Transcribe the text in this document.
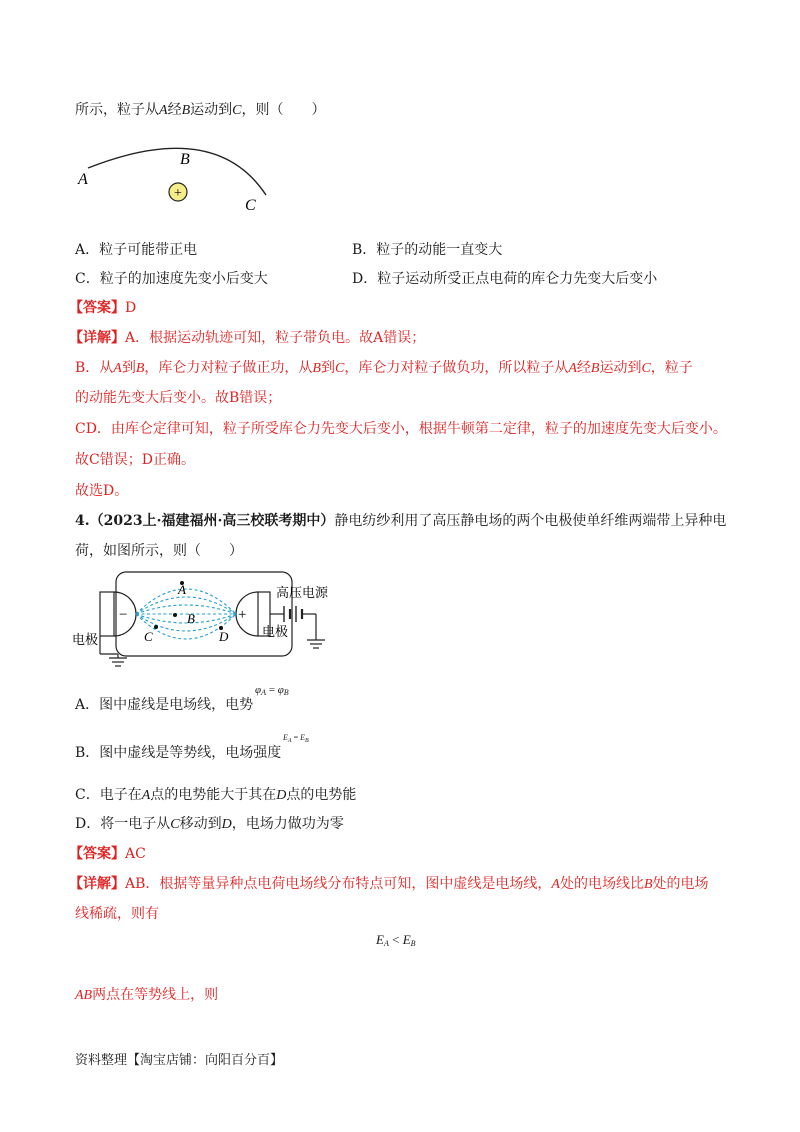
所示，粒子从A经B运动到C，则（　　）
A
B
C
+
A．粒子可能带正电	B．粒子的动能一直变大
C．粒子的加速度先变小后变大	D．粒子运动所受正点电荷的库仑力先变大后变小
【答案】D
【详解】A．根据运动轨迹可知，粒子带负电。故A错误；
B．从A到B，库仑力对粒子做正功，从B到C，库仑力对粒子做负功，所以粒子从A经B运动到C，粒子
的动能先变大后变小。故B错误；
CD．由库仑定律可知，粒子所受库仑力先变大后变小，根据牛顿第二定律，粒子的加速度先变大后变小。
故C错误；D正确。
故选D。
4.（2023上·福建福州·高三校联考期中）静电纺纱利用了高压静电场的两个电极使单纤维两端带上异种电
荷，如图所示，则（　　）
−	+
A
B
C	D
高压电源
电极
电极
A．图中虚线是电场线，电势
$\varphi_A = \varphi_B$
B．图中虚线是等势线，电场强度
$E_A = E_B$
C．电子在A点的电势能大于其在D点的电势能
D．将一电子从C移动到D，电场力做功为零
【答案】AC
【详解】AB．根据等量异种点电荷电场线分布特点可知，图中虚线是电场线，A处的电场线比B处的电场
线稀疏，则有
$E_A < E_B$
AB两点在等势线上，则
资料整理【淘宝店铺：向阳百分百】
